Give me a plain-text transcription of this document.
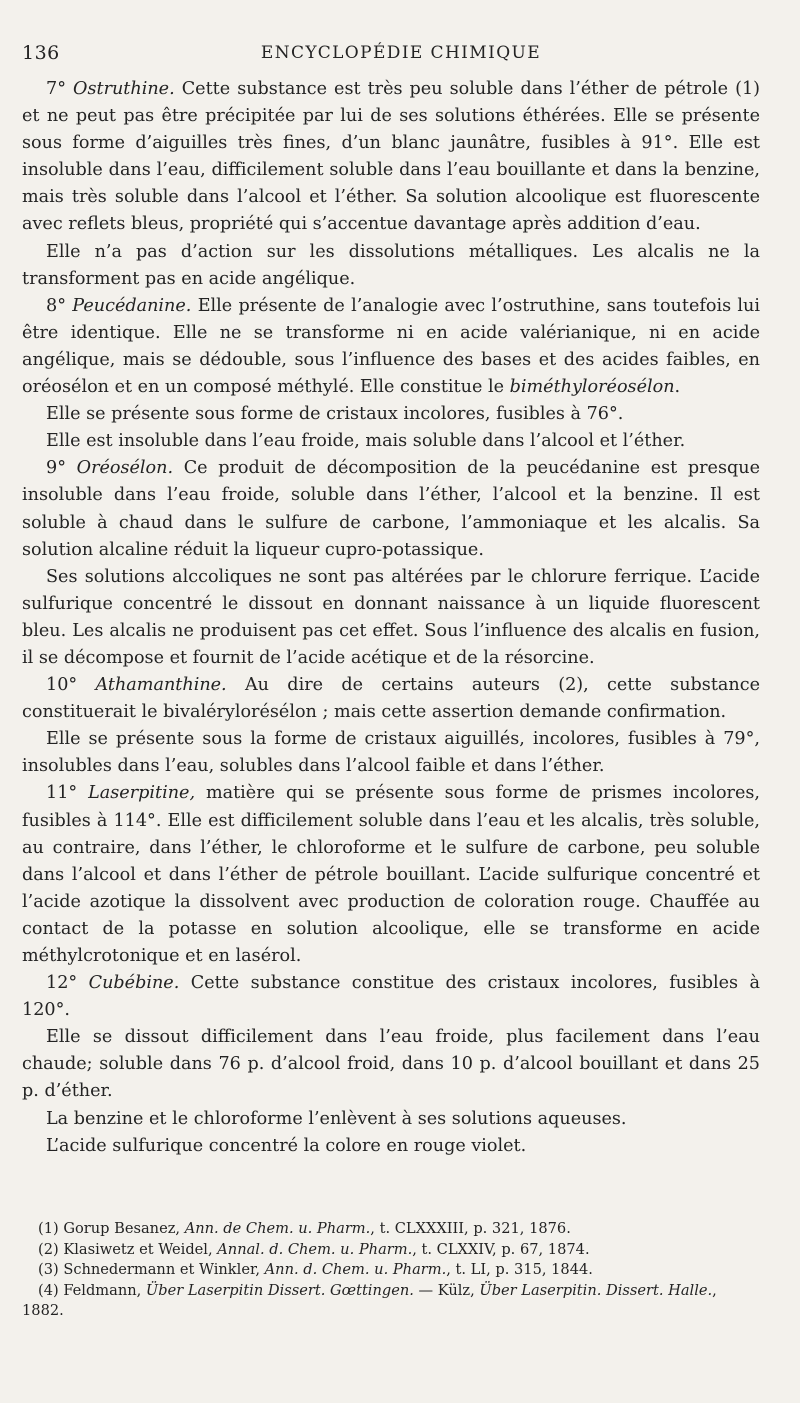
136	ENCYCLOPÉDIE CHIMIQUE

7° Ostruthine. Cette substance est très peu soluble dans l’éther de pétrole (1) et ne peut pas être précipitée par lui de ses solutions éthérées. Elle se présente sous forme d’aiguilles très fines, d’un blanc jaunâtre, fusibles à 91°. Elle est insoluble dans l’eau, difficilement soluble dans l’eau bouillante et dans la benzine, mais très soluble dans l’alcool et l’éther. Sa solution alcoolique est fluorescente avec reflets bleus, propriété qui s’accentue davantage après addition d’eau.

Elle n’a pas d’action sur les dissolutions métalliques. Les alcalis ne la transforment pas en acide angélique.

8° Peucédanine. Elle présente de l’analogie avec l’ostruthine, sans toutefois lui être identique. Elle ne se transforme ni en acide valérianique, ni en acide angélique, mais se dédouble, sous l’influence des bases et des acides faibles, en oréosélon et en un composé méthylé. Elle constitue le biméthyloréosélon.

Elle se présente sous forme de cristaux incolores, fusibles à 76°.

Elle est insoluble dans l’eau froide, mais soluble dans l’alcool et l’éther.

9° Oréosélon. Ce produit de décomposition de la peucédanine est presque insoluble dans l’eau froide, soluble dans l’éther, l’alcool et la benzine. Il est soluble à chaud dans le sulfure de carbone, l’ammoniaque et les alcalis. Sa solution alcaline réduit la liqueur cupro-potassique.

Ses solutions alccoliques ne sont pas altérées par le chlorure ferrique. L’acide sulfurique concentré le dissout en donnant naissance à un liquide fluorescent bleu. Les alcalis ne produisent pas cet effet. Sous l’influence des alcalis en fusion, il se décompose et fournit de l’acide acétique et de la résorcine.

10° Athamanthine. Au dire de certains auteurs (2), cette substance constituerait le bivalérylorésélon ; mais cette assertion demande confirmation.

Elle se présente sous la forme de cristaux aiguillés, incolores, fusibles à 79°, insolubles dans l’eau, solubles dans l’alcool faible et dans l’éther.

11° Laserpitine, matière qui se présente sous forme de prismes incolores, fusibles à 114°. Elle est difficilement soluble dans l’eau et les alcalis, très soluble, au contraire, dans l’éther, le chloroforme et le sulfure de carbone, peu soluble dans l’alcool et dans l’éther de pétrole bouillant. L’acide sulfurique concentré et l’acide azotique la dissolvent avec production de coloration rouge. Chauffée au contact de la potasse en solution alcoolique, elle se transforme en acide méthylcrotonique et en lasérol.

12° Cubébine. Cette substance constitue des cristaux incolores, fusibles à 120°.

Elle se dissout difficilement dans l’eau froide, plus facilement dans l’eau chaude; soluble dans 76 p. d’alcool froid, dans 10 p. d’alcool bouillant et dans 25 p. d’éther.

La benzine et le chloroforme l’enlèvent à ses solutions aqueuses.

L’acide sulfurique concentré la colore en rouge violet.

(1) Gorup Besanez, Ann. de Chem. u. Pharm., t. CLXXXIII, p. 321, 1876.

(2) Klasiwetz et Weidel, Annal. d. Chem. u. Pharm., t. CLXXIV, p. 67, 1874.

(3) Schnedermann et Winkler, Ann. d. Chem. u. Pharm., t. LI, p. 315, 1844.

(4) Feldmann, Über Laserpitin Dissert. Gœttingen. — Külz, Über Laserpitin. Dissert. Halle., 1882.
